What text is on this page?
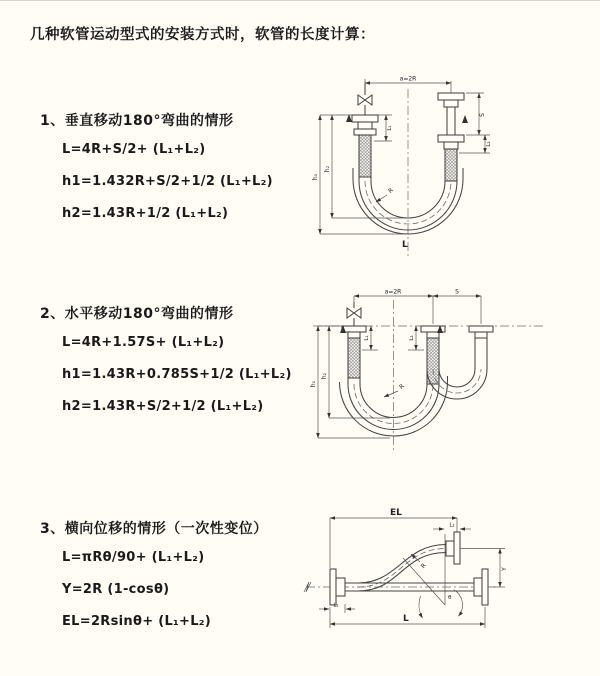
几种软管运动型式的安装方式时，软管的长度计算：
1、垂直移动180°弯曲的情形
L=4R+S/2+ (L₁+L₂)
h1=1.432R+S/2+1/2 (L₁+L₂)
h2=1.43R+1/2 (L₁+L₂)
a=2R
L₁
S
L₂
R
h₁
h₂
L
2、水平移动180°弯曲的情形
L=4R+1.57S+ (L₁+L₂)
h1=1.43R+0.785S+1/2 (L₁+L₂)
h2=1.43R+S/2+1/2 (L₁+L₂)
a=2R	S
L₁	L₂
R
h₁
h₂
3、横向位移的情形（一次性变位）
L=πRθ/90+ (L₁+L₂)
Y=2R (1-cosθ)
EL=2Rsinθ+ (L₁+L₂)
EL
L₂
θ
R	Y
L₁
L
